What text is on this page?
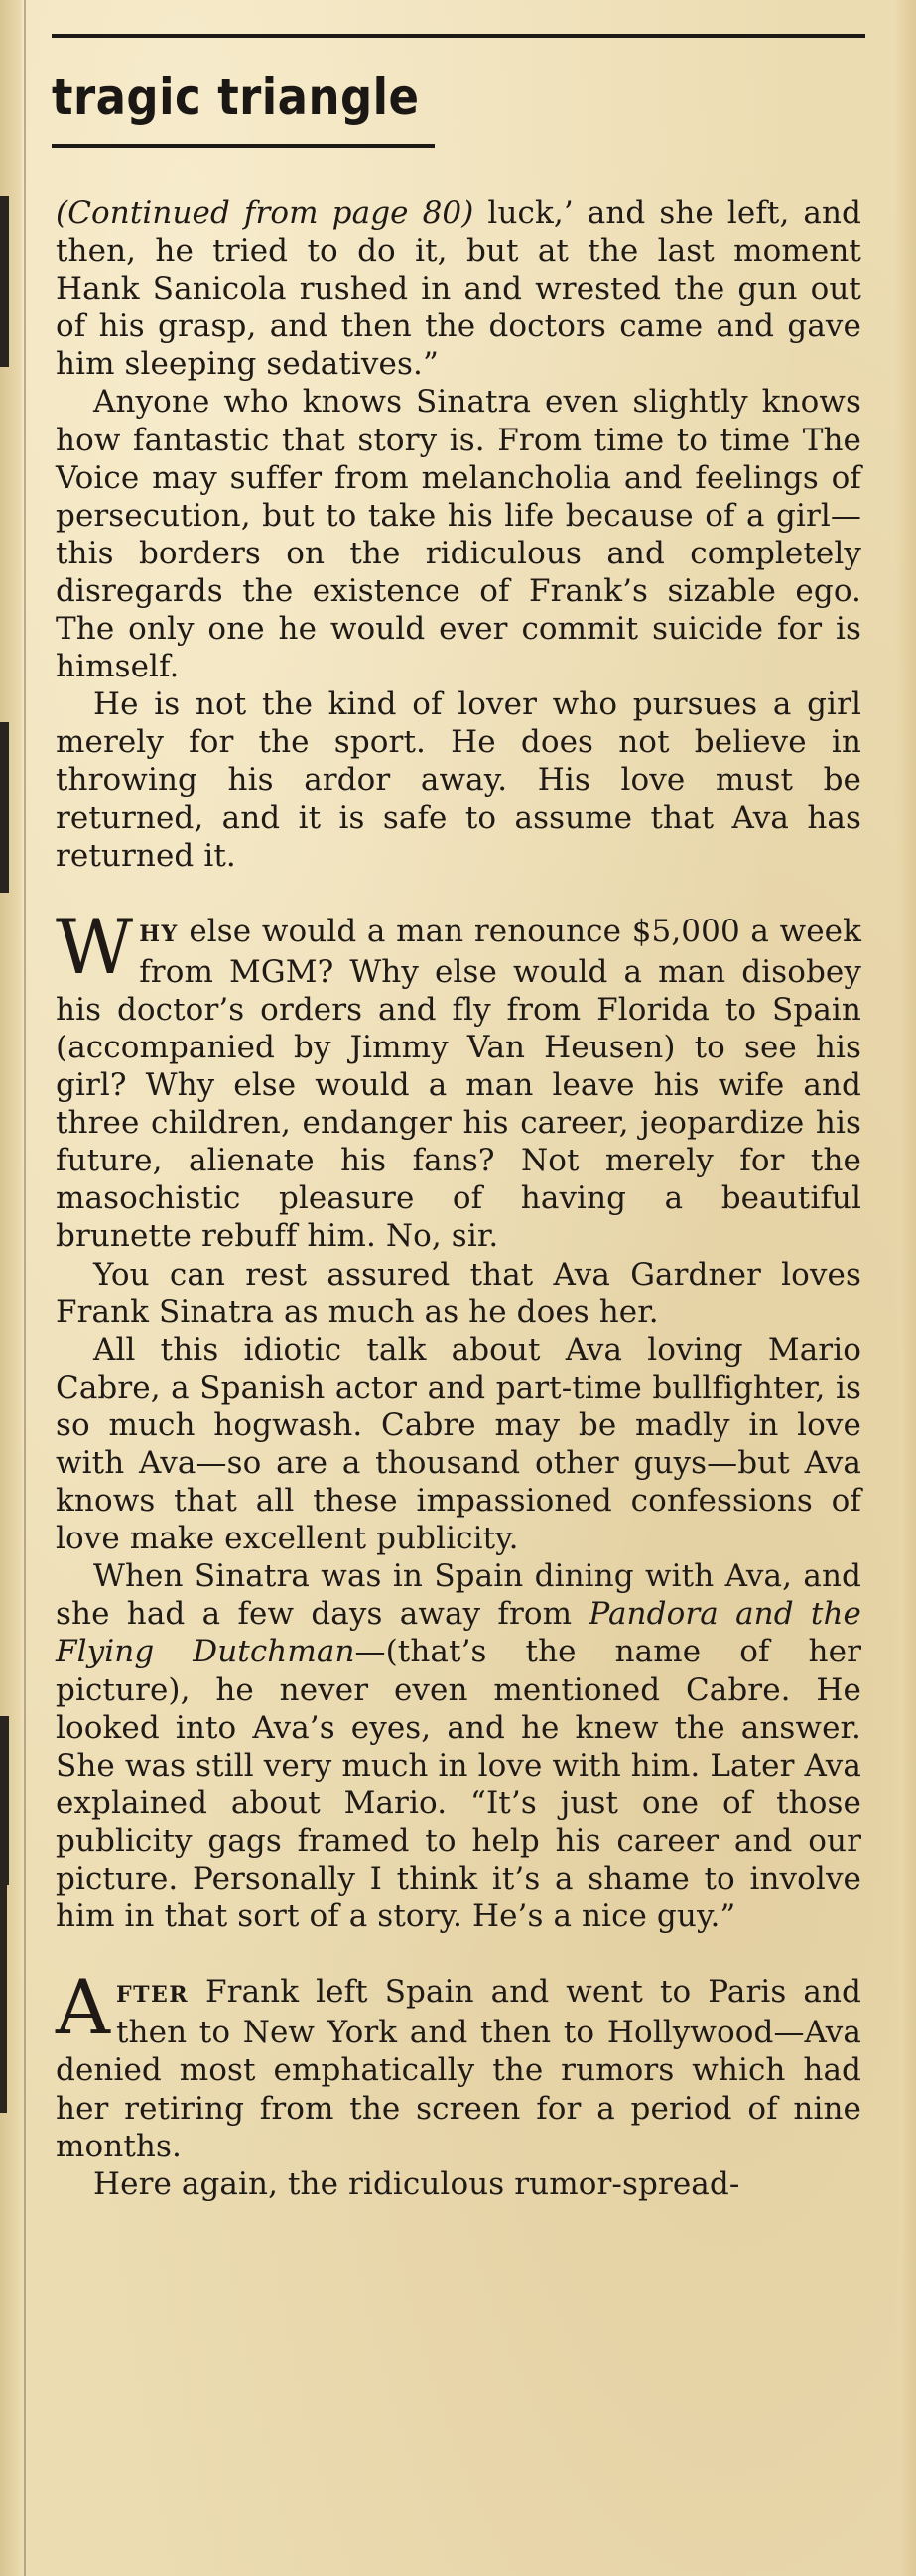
tragic triangle

(Continued from page 80) luck,’ and she left, and then, he tried to do it, but at the last moment Hank Sanicola rushed in and wrested the gun out of his grasp, and then the doctors came and gave him sleeping sedatives.”

Anyone who knows Sinatra even slightly knows how fantastic that story is. From time to time The Voice may suffer from melancholia and feelings of persecution, but to take his life because of a girl—this borders on the ridiculous and completely disregards the existence of Frank’s sizable ego. The only one he would ever commit suicide for is himself.

He is not the kind of lover who pursues a girl merely for the sport. He does not believe in throwing his ardor away. His love must be returned, and it is safe to assume that Ava has returned it.

WHY else would a man renounce $5,000 a week from MGM? Why else would a man disobey his doctor’s orders and fly from Florida to Spain (accompanied by Jimmy Van Heusen) to see his girl? Why else would a man leave his wife and three children, endanger his career, jeopardize his future, alienate his fans? Not merely for the masochistic pleasure of having a beautiful brunette rebuff him. No, sir.

You can rest assured that Ava Gardner loves Frank Sinatra as much as he does her.

All this idiotic talk about Ava loving Mario Cabre, a Spanish actor and part-time bullfighter, is so much hogwash. Cabre may be madly in love with Ava—so are a thousand other guys—but Ava knows that all these impassioned confessions of love make excellent publicity.

When Sinatra was in Spain dining with Ava, and she had a few days away from Pandora and the Flying Dutchman—(that’s the name of her picture), he never even mentioned Cabre. He looked into Ava’s eyes, and he knew the answer. She was still very much in love with him. Later Ava explained about Mario. “It’s just one of those publicity gags framed to help his career and our picture. Personally I think it’s a shame to involve him in that sort of a story. He’s a nice guy.”

AFTER Frank left Spain and went to Paris and then to New York and then to Hollywood—Ava denied most emphatically the rumors which had her retiring from the screen for a period of nine months.

Here again, the ridiculous rumor-spread-
